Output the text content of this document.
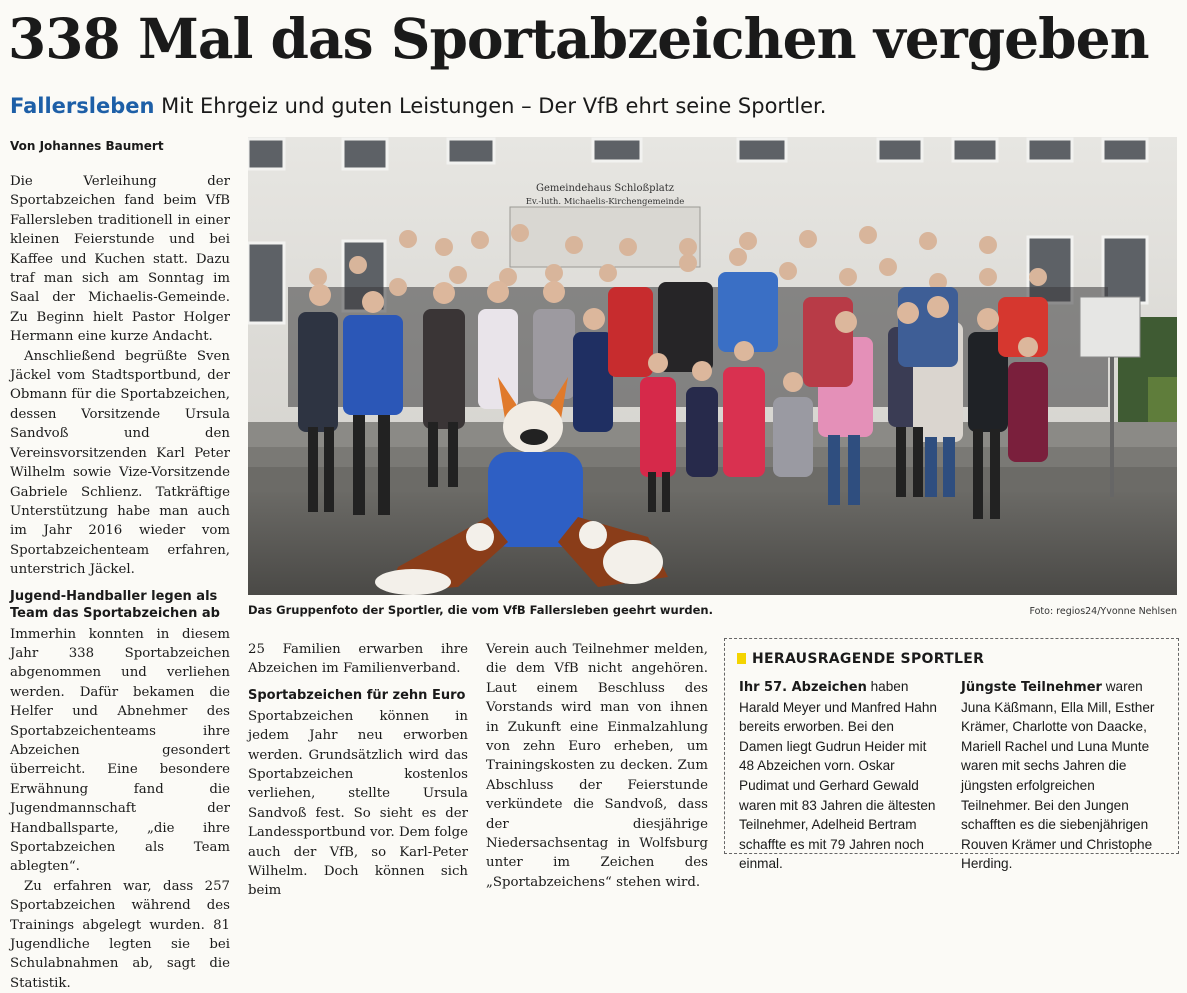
338 Mal das Sportabzeichen vergeben
Fallersleben Mit Ehrgeiz und guten Leistungen – Der VfB ehrt seine Sportler.
Von Johannes Baumert

Die Verleihung der Sportabzeichen fand beim VfB Fallersleben traditionell in einer kleinen Feierstunde und bei Kaffee und Kuchen statt. Dazu traf man sich am Sonntag im Saal der Michaelis-Gemeinde. Zu Beginn hielt Pastor Holger Hermann eine kurze Andacht.

Anschließend begrüßte Sven Jäckel vom Stadtsportbund, der Obmann für die Sportabzeichen, dessen Vorsitzende Ursula Sandvoß und den Vereinsvorsitzenden Karl Peter Wilhelm sowie Vize-Vorsitzende Gabriele Schlienz. Tatkräftige Unterstützung habe man auch im Jahr 2016 wieder vom Sportabzeichenteam erfahren, unterstrich Jäckel.

Jugend-Handballer legen als Team das Sportabzeichen ab

Immerhin konnten in diesem Jahr 338 Sportabzeichen abgenommen und verliehen werden. Dafür bekamen die Helfer und Abnehmer des Sportabzeichenteams ihre Abzeichen gesondert überreicht. Eine besondere Erwähnung fand die Jugendmannschaft der Handballsparte, „die ihre Sportabzeichen als Team ablegten“.

Zu erfahren war, dass 257 Sportabzeichen während des Trainings abgelegt wurden. 81 Jugendliche legten sie bei Schulabnahmen ab, sagt die Statistik.

Gemeindehaus Schloßplatz
Ev.-luth. Michaelis-Kirchengemeinde
Das Gruppenfoto der Sportler, die vom VfB Fallersleben geehrt wurden.	Foto: regios24/Yvonne Nehlsen

25 Familien erwarben ihre Abzeichen im Familienverband.

Sportabzeichen für zehn Euro

Sportabzeichen können in jedem Jahr neu erworben werden. Grundsätzlich wird das Sportabzeichen kostenlos verliehen, stellte Ursula Sandvoß fest. So sieht es der Landessportbund vor. Dem folge auch der VfB, so Karl-Peter Wilhelm. Doch können sich beim

Verein auch Teilnehmer melden, die dem VfB nicht angehören. Laut einem Beschluss des Vorstands wird man von ihnen in Zukunft eine Einmalzahlung von zehn Euro erheben, um Trainingskosten zu decken. Zum Abschluss der Feierstunde verkündete die Sandvoß, dass der diesjährige Niedersachsentag in Wolfsburg unter im Zeichen des „Sportabzeichens“ stehen wird.

HERAUSRAGENDE SPORTLER
Ihr 57. Abzeichen haben Harald Meyer und Manfred Hahn bereits erworben. Bei den Damen liegt Gudrun Heider mit 48 Abzeichen vorn. Oskar Pudimat und Gerhard Gewald waren mit 83 Jahren die ältesten Teilnehmer, Adelheid Bertram schaffte es mit 79 Jahren noch einmal.
Jüngste Teilnehmer waren Juna Käßmann, Ella Mill, Esther Krämer, Charlotte von Daacke, Mariell Rachel und Luna Munte waren mit sechs Jahren die jüngsten erfolgreichen Teilnehmer. Bei den Jungen schafften es die siebenjährigen Rouven Krämer und Christophe Herding.
